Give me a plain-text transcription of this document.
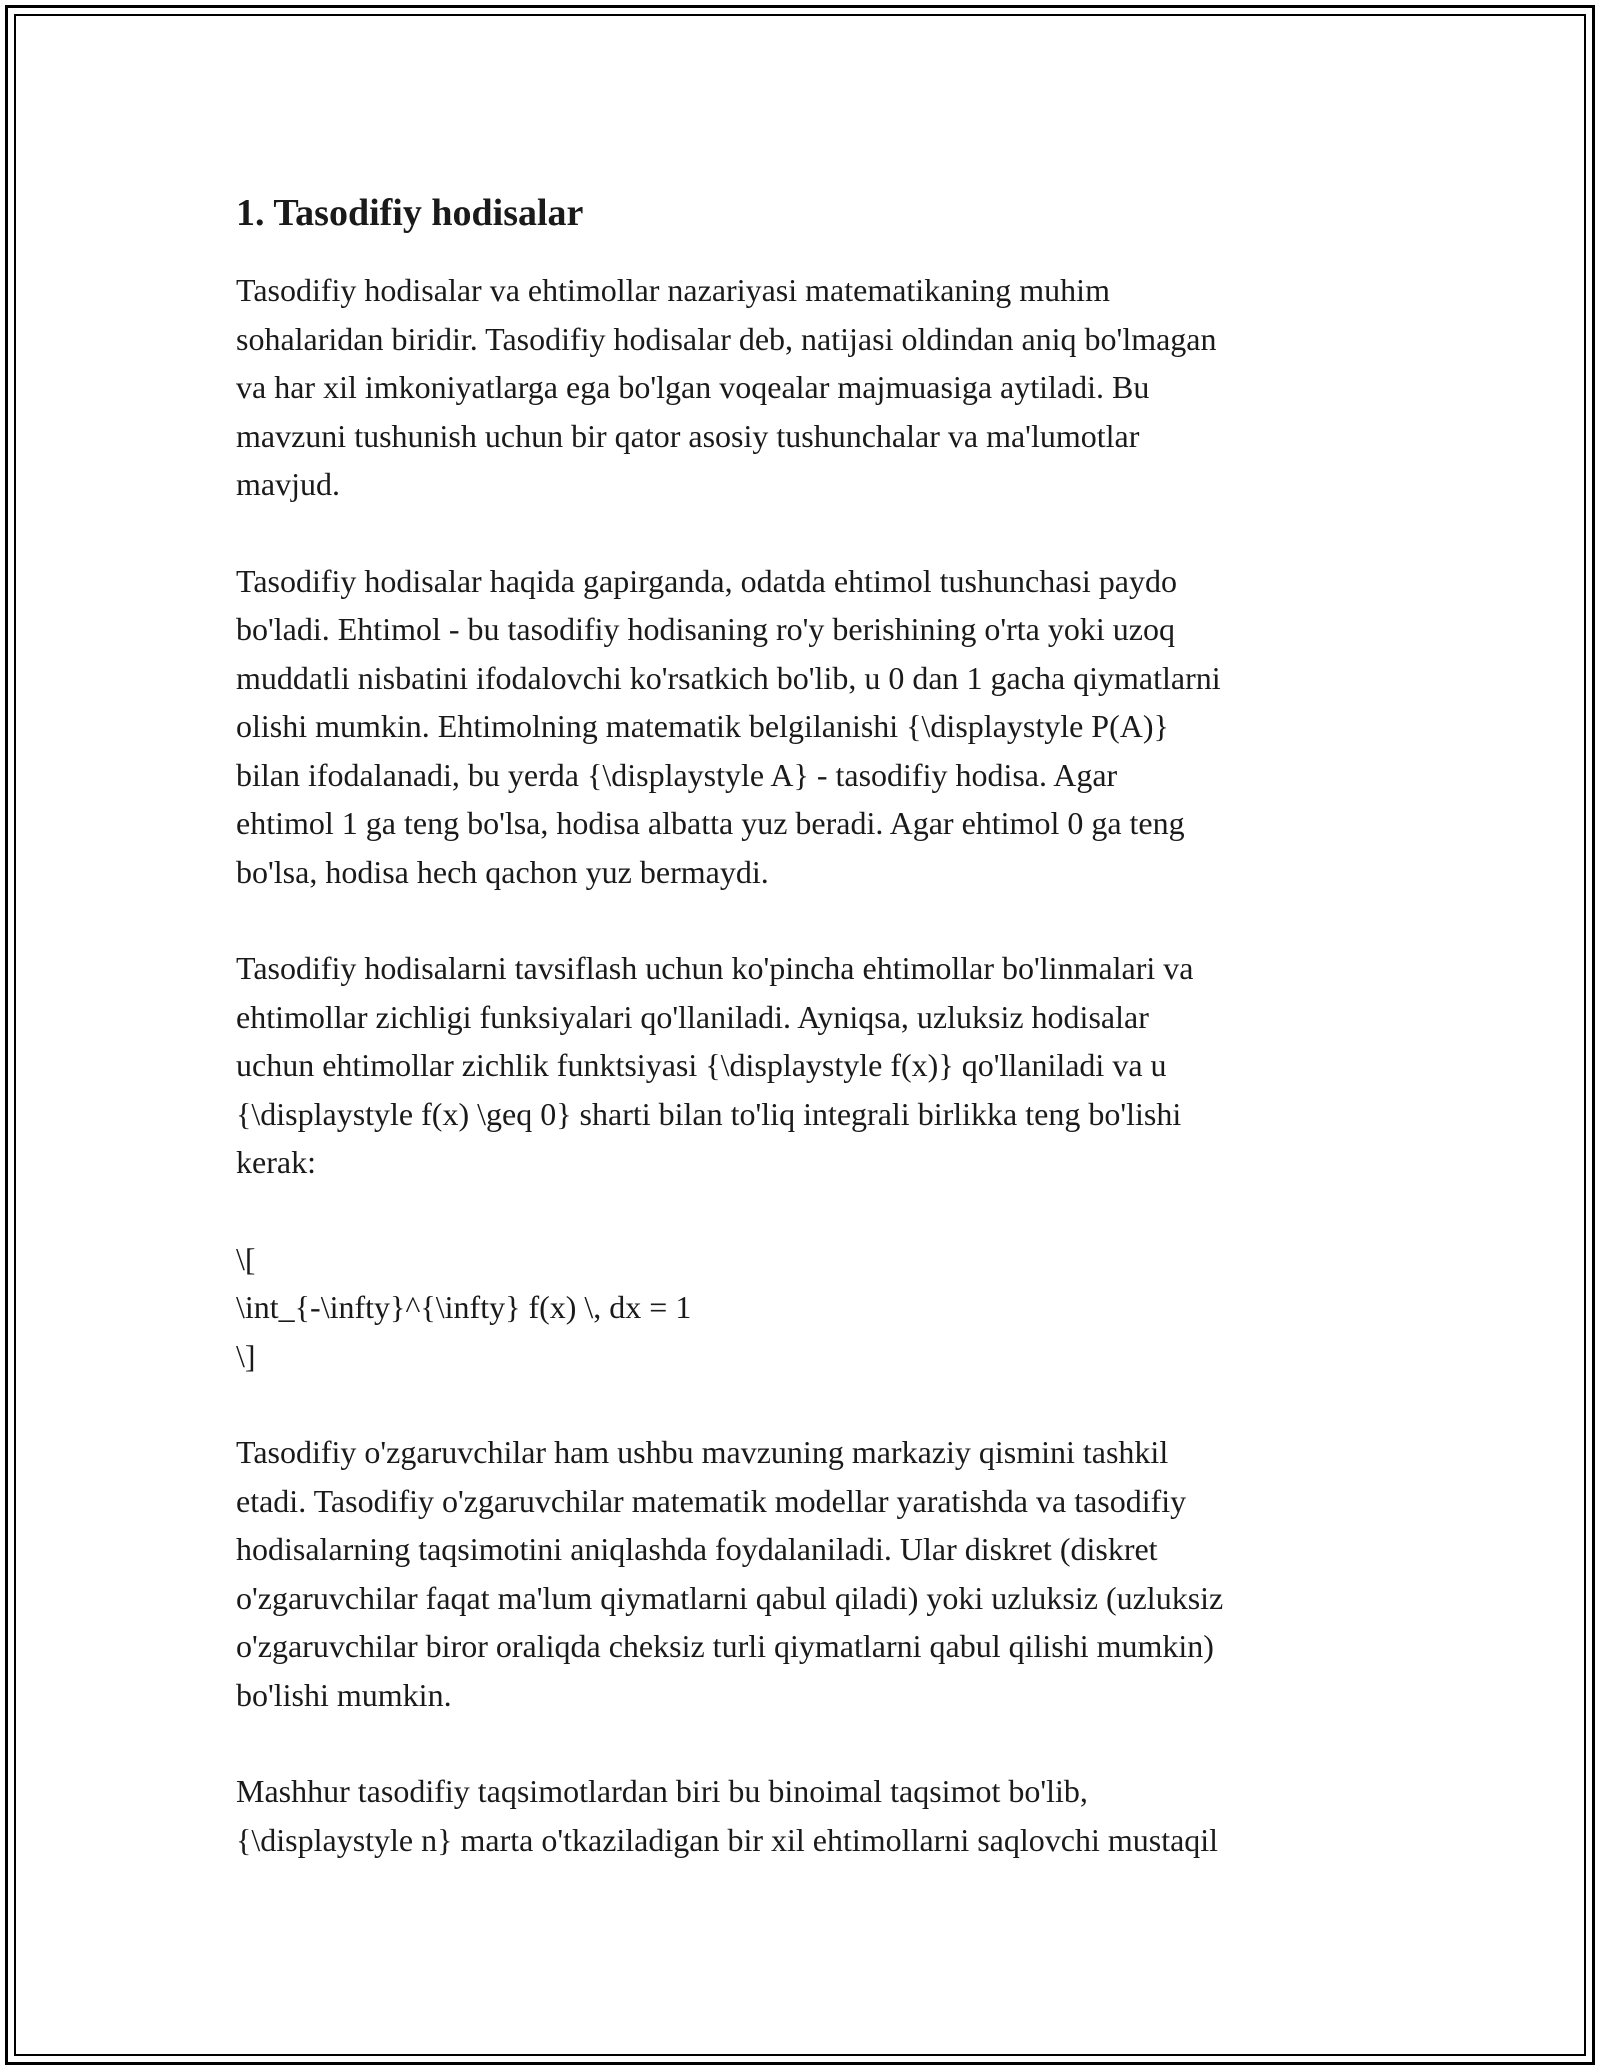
1. Tasodifiy hodisalar

Tasodifiy hodisalar va ehtimollar nazariyasi matematikaning muhim
sohalaridan biridir. Tasodifiy hodisalar deb, natijasi oldindan aniq bo'lmagan
va har xil imkoniyatlarga ega bo'lgan voqealar majmuasiga aytiladi. Bu
mavzuni tushunish uchun bir qator asosiy tushunchalar va ma'lumotlar
mavjud.

Tasodifiy hodisalar haqida gapirganda, odatda ehtimol tushunchasi paydo
bo'ladi. Ehtimol - bu tasodifiy hodisaning ro'y berishining o'rta yoki uzoq
muddatli nisbatini ifodalovchi ko'rsatkich bo'lib, u 0 dan 1 gacha qiymatlarni
olishi mumkin. Ehtimolning matematik belgilanishi {\displaystyle P(A)}
bilan ifodalanadi, bu yerda {\displaystyle A} - tasodifiy hodisa. Agar
ehtimol 1 ga teng bo'lsa, hodisa albatta yuz beradi. Agar ehtimol 0 ga teng
bo'lsa, hodisa hech qachon yuz bermaydi.

Tasodifiy hodisalarni tavsiflash uchun ko'pincha ehtimollar bo'linmalari va
ehtimollar zichligi funksiyalari qo'llaniladi. Ayniqsa, uzluksiz hodisalar
uchun ehtimollar zichlik funktsiyasi {\displaystyle f(x)} qo'llaniladi va u
{\displaystyle f(x) \geq 0} sharti bilan to'liq integrali birlikka teng bo'lishi
kerak:

\[
\int_{-\infty}^{\infty} f(x) \, dx = 1
\]

Tasodifiy o'zgaruvchilar ham ushbu mavzuning markaziy qismini tashkil
etadi. Tasodifiy o'zgaruvchilar matematik modellar yaratishda va tasodifiy
hodisalarning taqsimotini aniqlashda foydalaniladi. Ular diskret (diskret
o'zgaruvchilar faqat ma'lum qiymatlarni qabul qiladi) yoki uzluksiz (uzluksiz
o'zgaruvchilar biror oraliqda cheksiz turli qiymatlarni qabul qilishi mumkin)
bo'lishi mumkin.

Mashhur tasodifiy taqsimotlardan biri bu binoimal taqsimot bo'lib,
{\displaystyle n} marta o'tkaziladigan bir xil ehtimollarni saqlovchi mustaqil
